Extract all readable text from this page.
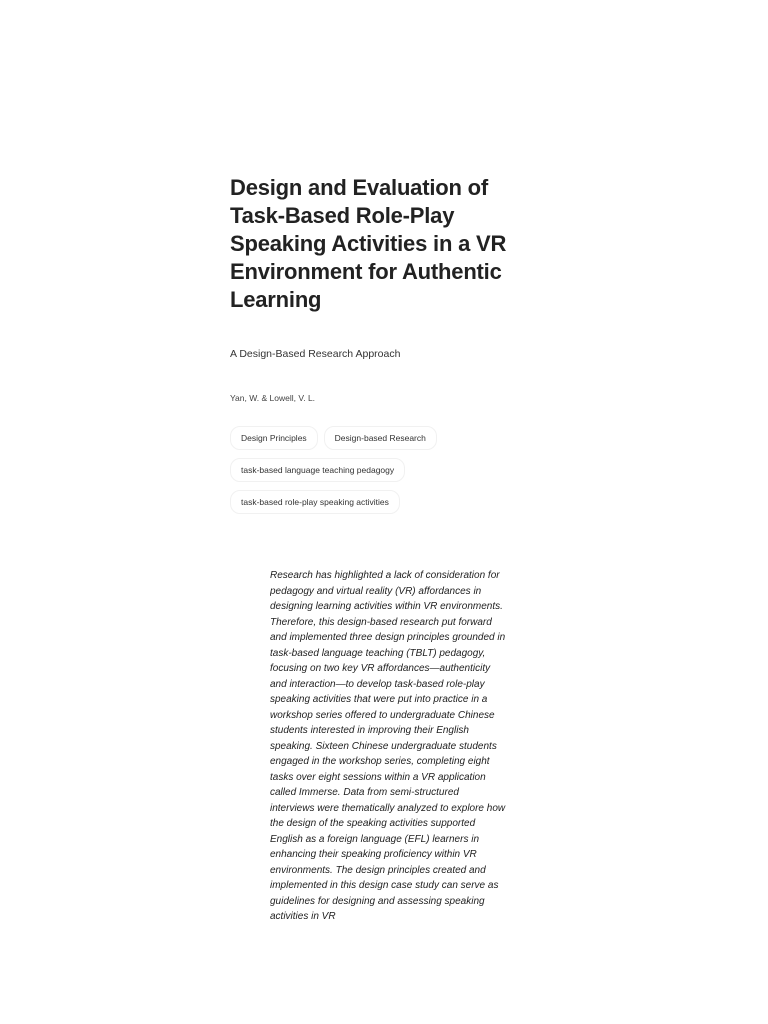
Design and Evaluation of Task-Based Role-Play Speaking Activities in a VR Environment for Authentic Learning
A Design-Based Research Approach
Yan, W. & Lowell, V. L.
Design Principles	Design-based Research
task-based language teaching pedagogy
task-based role-play speaking activities

Research has highlighted a lack of consideration for pedagogy and virtual reality (VR) affordances in designing learning activities within VR environments. Therefore, this design-based research put forward and implemented three design principles grounded in task-based language teaching (TBLT) pedagogy, focusing on two key VR affordances—authenticity and interaction—to develop task-based role-play speaking activities that were put into practice in a workshop series offered to undergraduate Chinese students interested in improving their English speaking. Sixteen Chinese undergraduate students engaged in the workshop series, completing eight tasks over eight sessions within a VR application called Immerse. Data from semi-structured interviews were thematically analyzed to explore how the design of the speaking activities supported English as a foreign language (EFL) learners in enhancing their speaking proficiency within VR environments. The design principles created and implemented in this design case study can serve as guidelines for designing and assessing speaking activities in VR
